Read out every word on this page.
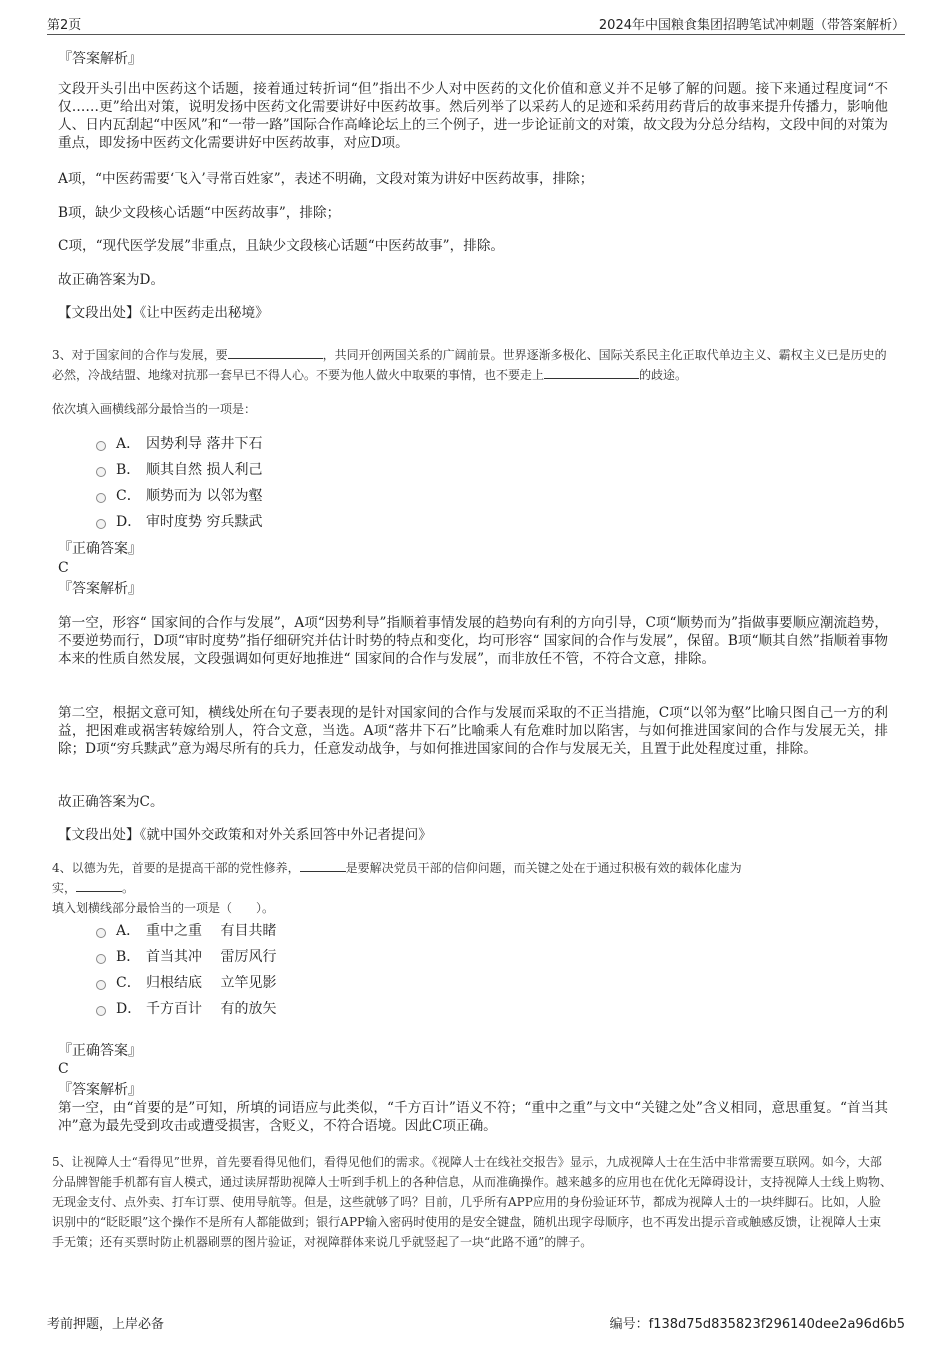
第2页	2024年中国粮食集团招聘笔试冲刺题（带答案解析）

『答案解析』

文段开头引出中医药这个话题，接着通过转折词“但”指出不少人对中医药的文化价值和意义并不足够了解的问题。接下来通过程度词“不仅……更”给出对策，说明发扬中医药文化需要讲好中医药故事。然后列举了以采药人的足迹和采药用药背后的故事来提升传播力，影响他人、日内瓦刮起“中医风”和“一带一路”国际合作高峰论坛上的三个例子，进一步论证前文的对策，故文段为分总分结构，文段中间的对策为重点，即发扬中医药文化需要讲好中医药故事，对应D项。

A项，“中医药需要‘飞入’寻常百姓家”，表述不明确，文段对策为讲好中医药故事，排除；

B项，缺少文段核心话题“中医药故事”，排除；

C项，“现代医学发展”非重点，且缺少文段核心话题“中医药故事”，排除。

故正确答案为D。

【文段出处】《让中医药走出秘境》

3、对于国家间的合作与发展，要	，共同开创两国关系的广阔前景。世界逐渐多极化、国际关系民主化正取代单边主义、霸权主义已是历史的必然，冷战结盟、地缘对抗那一套早已不得人心。不要为他人做火中取栗的事情，也不要走上	的歧途。

依次填入画横线部分最恰当的一项是：

A． 因势利导 落井下石
B． 顺其自然 损人利己
C． 顺势而为 以邻为壑
D． 审时度势 穷兵黩武

『正确答案』

C

『答案解析』

第一空，形容“ 国家间的合作与发展”，A项“因势利导”指顺着事情发展的趋势向有利的方向引导，C项“顺势而为”指做事要顺应潮流趋势，不要逆势而行，D项“审时度势”指仔细研究并估计时势的特点和变化，均可形容“ 国家间的合作与发展”，保留。B项“顺其自然”指顺着事物本来的性质自然发展，文段强调如何更好地推进“ 国家间的合作与发展”，而非放任不管，不符合文意，排除。

第二空，根据文意可知，横线处所在句子要表现的是针对国家间的合作与发展而采取的不正当措施，C项“以邻为壑”比喻只图自己一方的利益，把困难或祸害转嫁给别人，符合文意，当选。A项“落井下石”比喻乘人有危难时加以陷害，与如何推进国家间的合作与发展无关，排除；D项“穷兵黩武”意为竭尽所有的兵力，任意发动战争，与如何推进国家间的合作与发展无关，且置于此处程度过重，排除。

故正确答案为C。

【文段出处】《就中国外交政策和对外关系回答中外记者提问》

4、以德为先，首要的是提高干部的党性修养，	是要解决党员干部的信仰问题，而关键之处在于通过积极有效的载体化虚为
实，	。

填入划横线部分最恰当的一项是（　　）。

A． 重中之重　 有目共睹
B． 首当其冲　 雷厉风行
C． 归根结底　 立竿见影
D． 千方百计　 有的放矢

『正确答案』

C

『答案解析』

第一空，由“首要的是”可知，所填的词语应与此类似，“千方百计”语义不符；“重中之重”与文中“关键之处”含义相同，意思重复。“首当其冲”意为最先受到攻击或遭受损害，含贬义，不符合语境。因此C项正确。

5、让视障人士“看得见”世界，首先要看得见他们，看得见他们的需求。《视障人士在线社交报告》显示，九成视障人士在生活中非常需要互联网。如今，大部分品牌智能手机都有盲人模式，通过读屏帮助视障人士听到手机上的各种信息，从而准确操作。越来越多的应用也在优化无障碍设计，支持视障人士线上购物、无现金支付、点外卖、打车订票、使用导航等。但是，这些就够了吗？目前，几乎所有APP应用的身份验证环节，都成为视障人士的一块绊脚石。比如，人脸识别中的“眨眨眼”这个操作不是所有人都能做到；银行APP输入密码时使用的是安全键盘，随机出现字母顺序，也不再发出提示音或触感反馈，让视障人士束手无策；还有买票时防止机器刷票的图片验证，对视障群体来说几乎就竖起了一块“此路不通”的牌子。

考前押题，上岸必备	编号：f138d75d835823f296140dee2a96d6b5
